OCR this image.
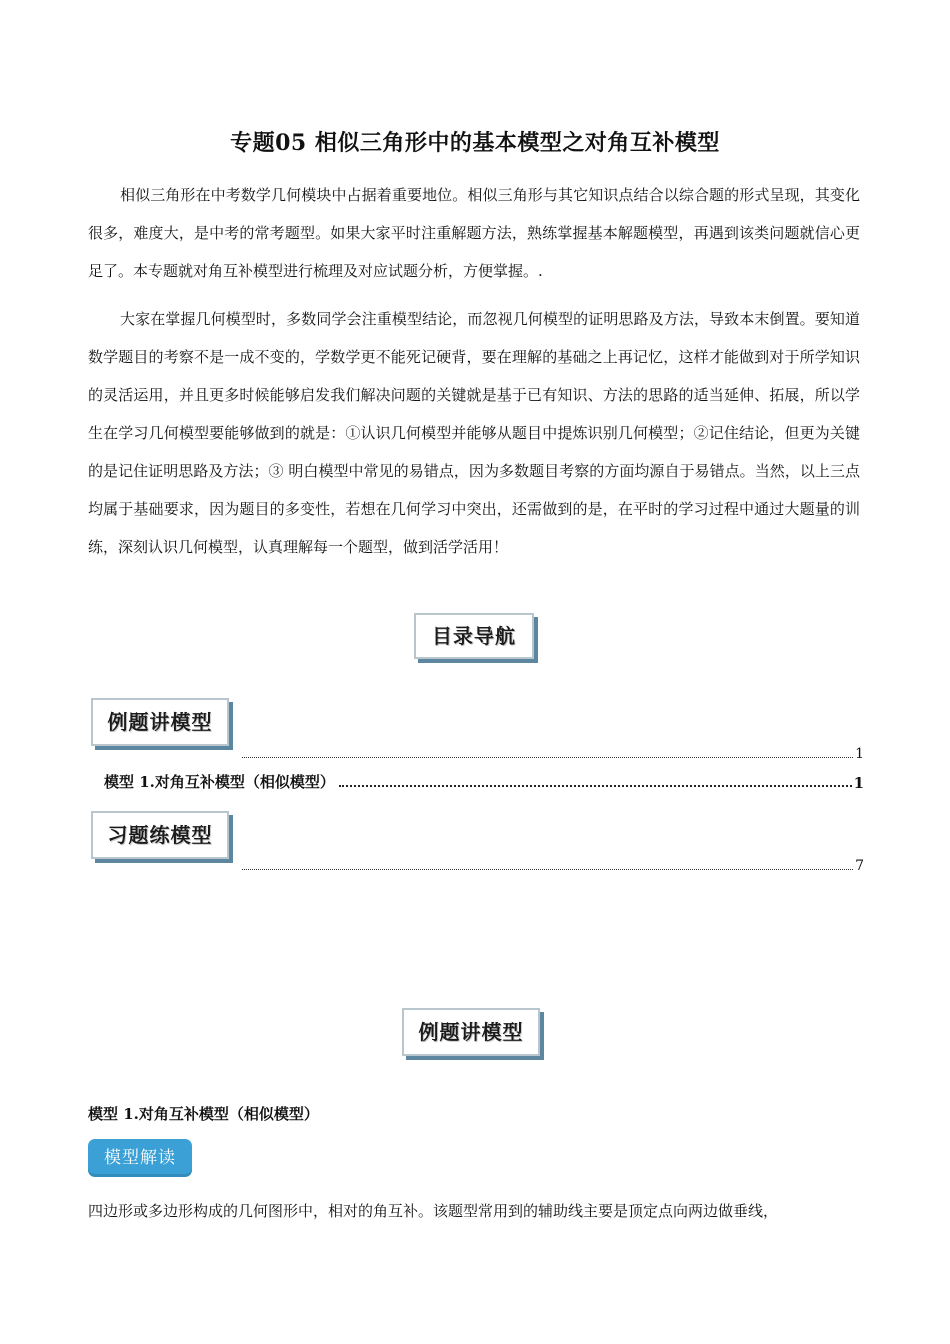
专题05 相似三角形中的基本模型之对角互补模型

相似三角形在中考数学几何模块中占据着重要地位。相似三角形与其它知识点结合以综合题的形式呈现，其变化很多，难度大，是中考的常考题型。如果大家平时注重解题方法，熟练掌握基本解题模型，再遇到该类问题就信心更足了。本专题就对角互补模型进行梳理及对应试题分析，方便掌握。.

大家在掌握几何模型时，多数同学会注重模型结论，而忽视几何模型的证明思路及方法，导致本末倒置。要知道数学题目的考察不是一成不变的，学数学更不能死记硬背，要在理解的基础之上再记忆，这样才能做到对于所学知识的灵活运用，并且更多时候能够启发我们解决问题的关键就是基于已有知识、方法的思路的适当延伸、拓展，所以学生在学习几何模型要能够做到的就是：①认识几何模型并能够从题目中提炼识别几何模型；②记住结论，但更为关键的是记住证明思路及方法；③ 明白模型中常见的易错点，因为多数题目考察的方面均源自于易错点。当然，以上三点均属于基础要求，因为题目的多变性，若想在几何学习中突出，还需做到的是，在平时的学习过程中通过大题量的训练，深刻认识几何模型，认真理解每一个题型，做到活学活用！

目录导航
例题讲模型
1
模型 1.对角互补模型（相似模型）	1
习题练模型
7
例题讲模型
模型 1.对角互补模型（相似模型）
模型解读

四边形或多边形构成的几何图形中，相对的角互补。该题型常用到的辅助线主要是顶定点向两边做垂线，
